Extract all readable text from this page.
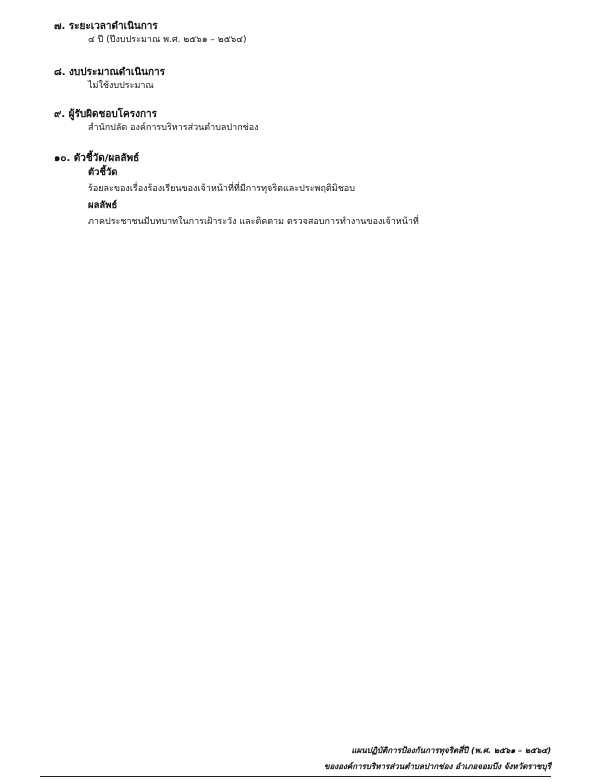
๗. ระยะเวลาดำเนินการ
๔ ปี (ปีงบประมาณ พ.ศ. ๒๕๖๑ – ๒๕๖๔)
๘. งบประมาณดำเนินการ
ไม่ใช้งบประมาณ
๙. ผู้รับผิดชอบโครงการ
สำนักปลัด องค์การบริหารส่วนตำบลปากช่อง
๑๐. ตัวชี้วัด/ผลลัพธ์
ตัวชี้วัด
ร้อยละของเรื่องร้องเรียนของเจ้าหน้าที่ที่มีการทุจริตและประพฤติมิชอบ
ผลลัพธ์
ภาคประชาชนมีบทบาทในการเฝ้าระวัง และติดตาม ตรวจสอบการทำงานของเจ้าหน้าที่
แผนปฏิบัติการป้องกันการทุจริตสี่ปี (พ.ศ. ๒๕๖๑ – ๒๕๖๔)
ขององค์การบริหารส่วนตำบลปากช่อง อำเภอจอมบึง จังหวัดราชบุรี
